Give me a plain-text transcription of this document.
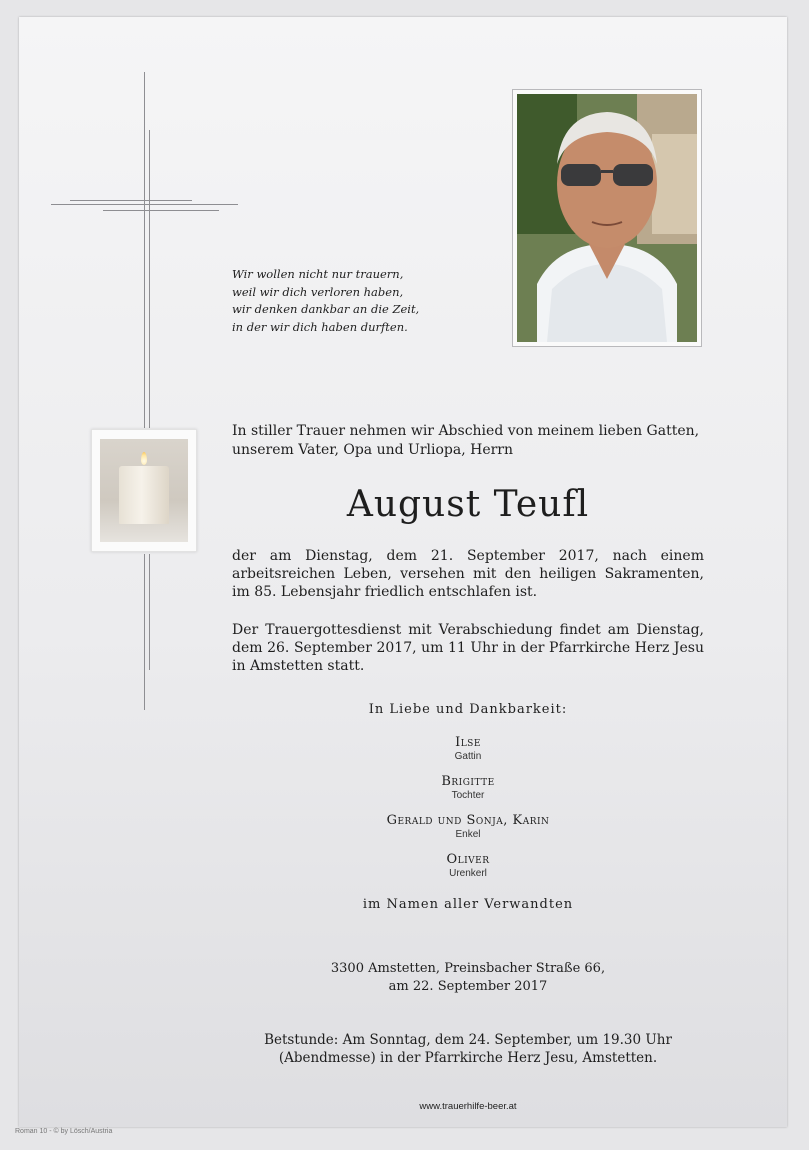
Wir wollen nicht nur trauern,
weil wir dich verloren haben,
wir denken dankbar an die Zeit,
in der wir dich haben durften.
In stiller Trauer nehmen wir Abschied von meinem lieben Gatten,
unserem Vater, Opa und Urliopa, Herrn
August Teufl
der am Dienstag, dem 21. September 2017, nach einem
arbeitsreichen Leben, versehen mit den heiligen Sakramenten,
im 85. Lebensjahr friedlich entschlafen ist.
Der Trauergottesdienst mit Verabschiedung findet am Dienstag,
dem 26. September 2017, um 11 Uhr in der Pfarrkirche Herz Jesu
in Amstetten statt.
In Liebe und Dankbarkeit:
Ilse
Gattin
Brigitte
Tochter
Gerald und Sonja, Karin
Enkel
Oliver
Urenkerl
im Namen aller Verwandten
3300 Amstetten, Preinsbacher Straße 66,
am 22. September 2017
Betstunde: Am Sonntag, dem 24. September, um 19.30 Uhr
(Abendmesse) in der Pfarrkirche Herz Jesu, Amstetten.
www.trauerhilfe-beer.at
Roman 10 - © by Lösch/Austria
